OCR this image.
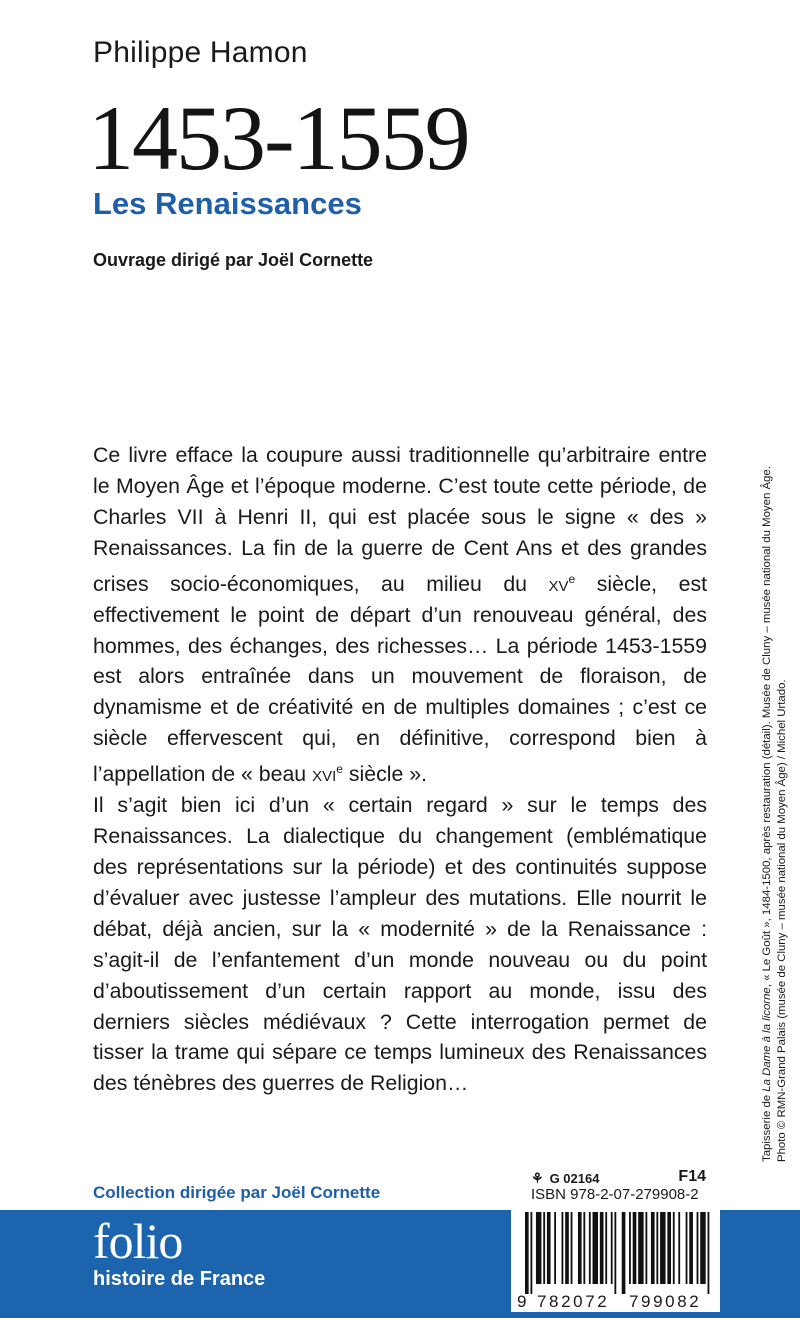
Philippe Hamon
1453-1559
Les Renaissances
Ouvrage dirigé par Joël Cornette

Ce livre efface la coupure aussi traditionnelle qu’arbitraire entre le Moyen Âge et l’époque moderne. C’est toute cette période, de Charles VII à Henri II, qui est placée sous le signe « des » Renaissances. La fin de la guerre de Cent Ans et des grandes crises socio-économiques, au milieu du $xv^e$ siècle, est effectivement le point de départ d’un renouveau général, des hommes, des échanges, des richesses… La période 1453-1559 est alors entraînée dans un mouvement de floraison, de dynamisme et de créativité en de multiples domaines ; c’est ce siècle effervescent qui, en définitive, correspond bien à l’appellation de « beau xvi$^e$ siècle ».

Il s’agit bien ici d’un « certain regard » sur le temps des Renaissances. La dialectique du changement (emblématique des représentations sur la période) et des continuités suppose d’évaluer avec justesse l’ampleur des mutations. Elle nourrit le débat, déjà ancien, sur la « modernité » de la Renaissance : s’agit-il de l’enfantement d’un monde nouveau ou du point d’aboutissement d’un certain rapport au monde, issu des derniers siècles médiévaux ? Cette interrogation permet de tisser la trame qui sépare ce temps lumineux des Renaissances des ténèbres des guerres de Religion…

Tapisserie de La Dame à la licorne, « Le Goût », 1484-1500, après restauration (détail). Musée de Cluny – musée national du Moyen Âge. Photo © RMN-Grand Palais (musée de Cluny – musée national du Moyen Âge) / Michel Urtado.
Collection dirigée par Joël Cornette
folio
histoire de France
⚘ G 02164	F14
ISBN 978-2-07-279908-2
9 782072 799082
